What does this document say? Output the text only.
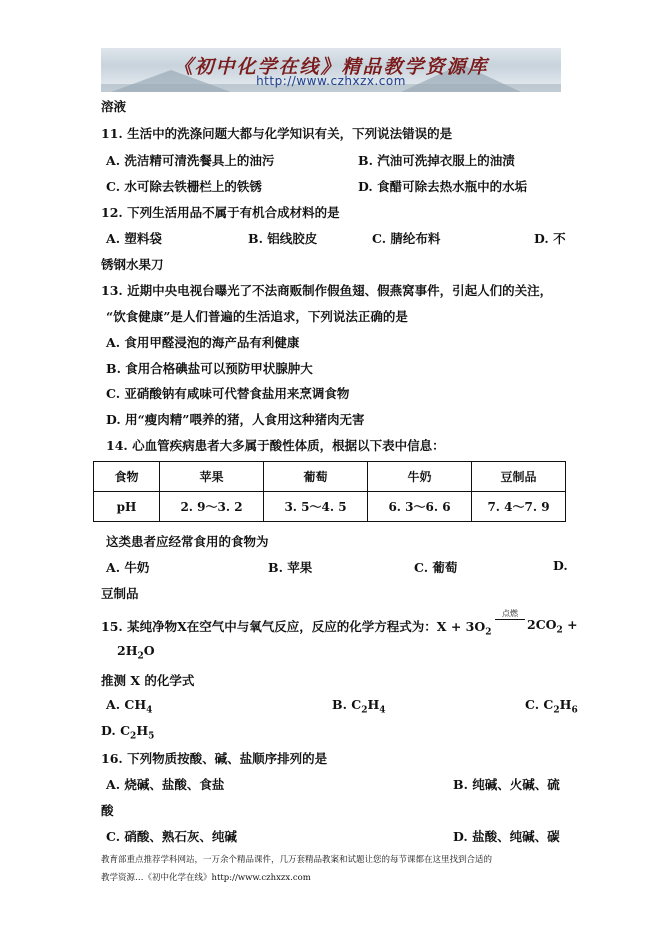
《初中化学在线》精品教学资源库
http://www.czhxzx.com
溶液
11. 生活中的洗涤问题大都与化学知识有关，下列说法错误的是
A. 洗洁精可清洗餐具上的油污	B. 汽油可洗掉衣服上的油渍
C. 水可除去铁栅栏上的铁锈	D. 食醋可除去热水瓶中的水垢
12. 下列生活用品不属于有机合成材料的是
A. 塑料袋	B. 铝线胶皮	C. 腈纶布料	D. 不
锈钢水果刀
13. 近期中央电视台曝光了不法商贩制作假鱼翅、假燕窝事件，引起人们的关注，
“饮食健康”是人们普遍的生活追求，下列说法正确的是
A. 食用甲醛浸泡的海产品有利健康
B. 食用合格碘盐可以预防甲状腺肿大
C. 亚硝酸钠有咸味可代替食盐用来烹调食物
D. 用“瘦肉精”喂养的猪，人食用这种猪肉无害
14. 心血管疾病患者大多属于酸性体质，根据以下表中信息：
食物	苹果	葡萄	牛奶	豆制品
pH	2. 9～3. 2	3. 5～4. 5	6. 3～6. 6	7. 4～7. 9
这类患者应经常食用的食物为
A. 牛奶	B. 苹果	C. 葡萄	D.
豆制品
15. 某纯净物X在空气中与氧气反应，反应的化学方程式为：$X + 3O_2$
点燃
$2CO_2$ +
$2H_2O$
推测 X 的化学式
A. $CH_4$	B. $C_2H_4$	C. $C_2H_6$
D. $C_2H_5$
16. 下列物质按酸、碱、盐顺序排列的是
A. 烧碱、盐酸、食盐	B. 纯碱、火碱、硫
酸
C. 硝酸、熟石灰、纯碱	D. 盐酸、纯碱、碳
教育部重点推荐学科网站，一万余个精品课件，几万套精品教案和试题让您的每节课都在这里找到合适的
教学资源…《初中化学在线》http://www.czhxzx.com
